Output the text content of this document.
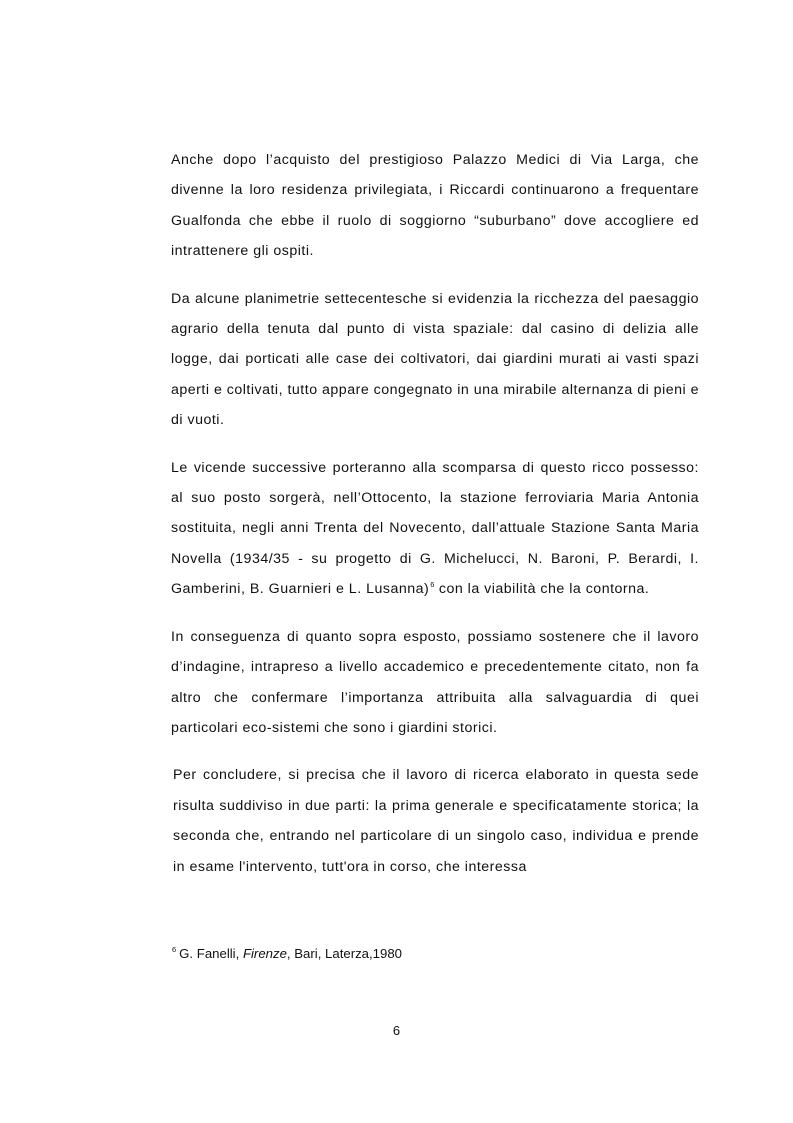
Anche dopo l’acquisto del prestigioso Palazzo Medici di Via Larga, che divenne la loro residenza privilegiata, i Riccardi continuarono a frequentare Gualfonda che ebbe il ruolo di soggiorno “suburbano” dove accogliere ed intrattenere gli ospiti.

Da alcune planimetrie settecentesche si evidenzia la ricchezza del paesaggio agrario della tenuta dal punto di vista spaziale: dal casino di delizia alle logge, dai porticati alle case dei coltivatori, dai giardini murati ai vasti spazi aperti e coltivati, tutto appare congegnato in una mirabile alternanza di pieni e di vuoti.

Le vicende successive porteranno alla scomparsa di questo ricco possesso: al suo posto sorgerà, nell’Ottocento, la stazione ferroviaria Maria Antonia sostituita, negli anni Trenta del Novecento, dall’attuale Stazione Santa Maria Novella (1934/35 - su progetto di G. Michelucci, N. Baroni, P. Berardi, I. Gamberini, B. Guarnieri e L. Lusanna)$^6$ con la viabilità che la contorna.

In conseguenza di quanto sopra esposto, possiamo sostenere che il lavoro d’indagine, intrapreso a livello accademico e precedentemente citato, non fa altro che confermare l’importanza attribuita alla salvaguardia di quei particolari eco-sistemi che sono i giardini storici.

Per concludere, si precisa che il lavoro di ricerca elaborato in questa sede risulta suddiviso in due parti: la prima generale e specificatamente storica; la seconda che, entrando nel particolare di un singolo caso, individua e prende in esame l'intervento, tutt'ora in corso, che interessa

$^6$ G. Fanelli, Firenze, Bari, Laterza,1980
6
